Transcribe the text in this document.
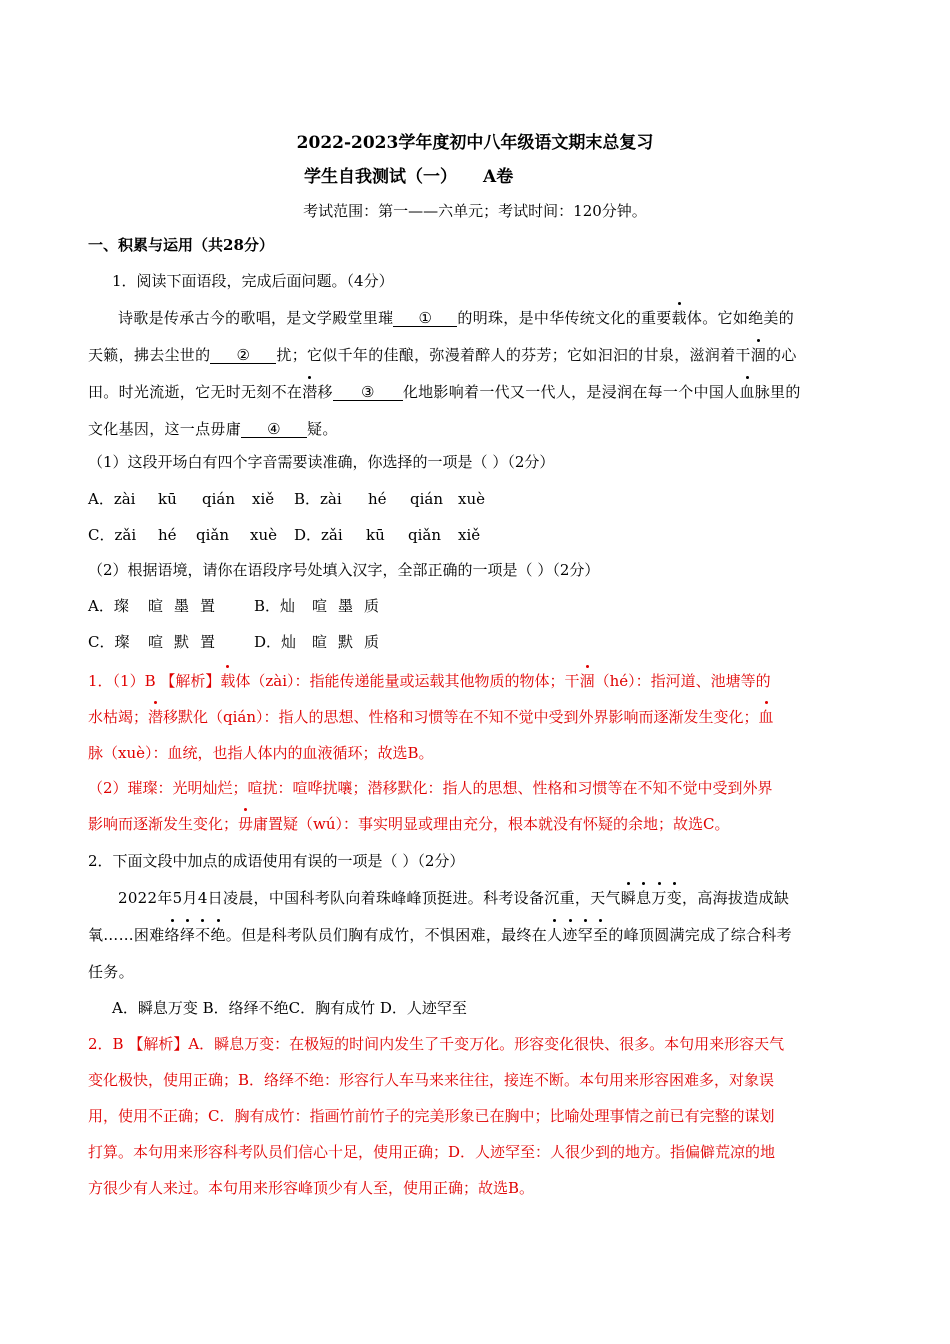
2022-2023学年度初中八年级语文期末总复习
学生自我测试（一） A卷
考试范围：第一——六单元；考试时间：120分钟。
一、积累与运用（共28分）
1．阅读下面语段，完成后面问题。（4分）
诗歌是传承古今的歌唱，是文学殿堂里璀 ① 的明珠，是中华传统文化的重要载体。它如绝美的
天籁，拂去尘世的 ② 扰；它似千年的佳酿，弥漫着醉人的芬芳；它如汩汩的甘泉，滋润着干涸的心
田。时光流逝，它无时无刻不在潜移 ③ 化地影响着一代又一代人，是浸润在每一个中国人血脉里的
文化基因，这一点毋庸 ④ 疑。
（1）这段开场白有四个字音需要读准确，你选择的一项是（ ）（2分）
A．zài kū qián xiě B．zài hé qián xuè
C．zǎi hé qiǎn xuè D．zǎi kū qiǎn xiě
（2）根据语境，请你在语段序号处填入汉字，全部正确的一项是（ ）（2分）
A．璨 暄 墨 置	B．灿 喧 墨 质
C．璨 喧 默 置	D．灿 暄 默 质
1．（1）B 【解析】载体（zài）：指能传递能量或运载其他物质的物体；干涸（hé）：指河道、池塘等的
水枯竭；潜移默化（qián）：指人的思想、性格和习惯等在不知不觉中受到外界影响而逐渐发生变化；血
脉（xuè）：血统，也指人体内的血液循环；故选B。
（2）璀璨：光明灿烂；喧扰：喧哗扰嚷；潜移默化：指人的思想、性格和习惯等在不知不觉中受到外界
影响而逐渐发生变化；毋庸置疑（wú）：事实明显或理由充分，根本就没有怀疑的余地；故选C。
2．下面文段中加点的成语使用有误的一项是（ ）（2分）
2022年5月4日凌晨，中国科考队向着珠峰峰顶挺进。科考设备沉重，天气瞬息万变，高海拔造成缺
氧……困难络绎不绝。但是科考队员们胸有成竹，不惧困难，最终在人迹罕至的峰顶圆满完成了综合科考
任务。
A．瞬息万变 B．络绎不绝C．胸有成竹 D．人迹罕至
2．B 【解析】A．瞬息万变：在极短的时间内发生了千变万化。形容变化很快、很多。本句用来形容天气
变化极快，使用正确；B．络绎不绝：形容行人车马来来往往，接连不断。本句用来形容困难多，对象误
用，使用不正确；C．胸有成竹：指画竹前竹子的完美形象已在胸中；比喻处理事情之前已有完整的谋划
打算。本句用来形容科考队员们信心十足，使用正确；D．人迹罕至：人很少到的地方。指偏僻荒凉的地
方很少有人来过。本句用来形容峰顶少有人至，使用正确；故选B。
